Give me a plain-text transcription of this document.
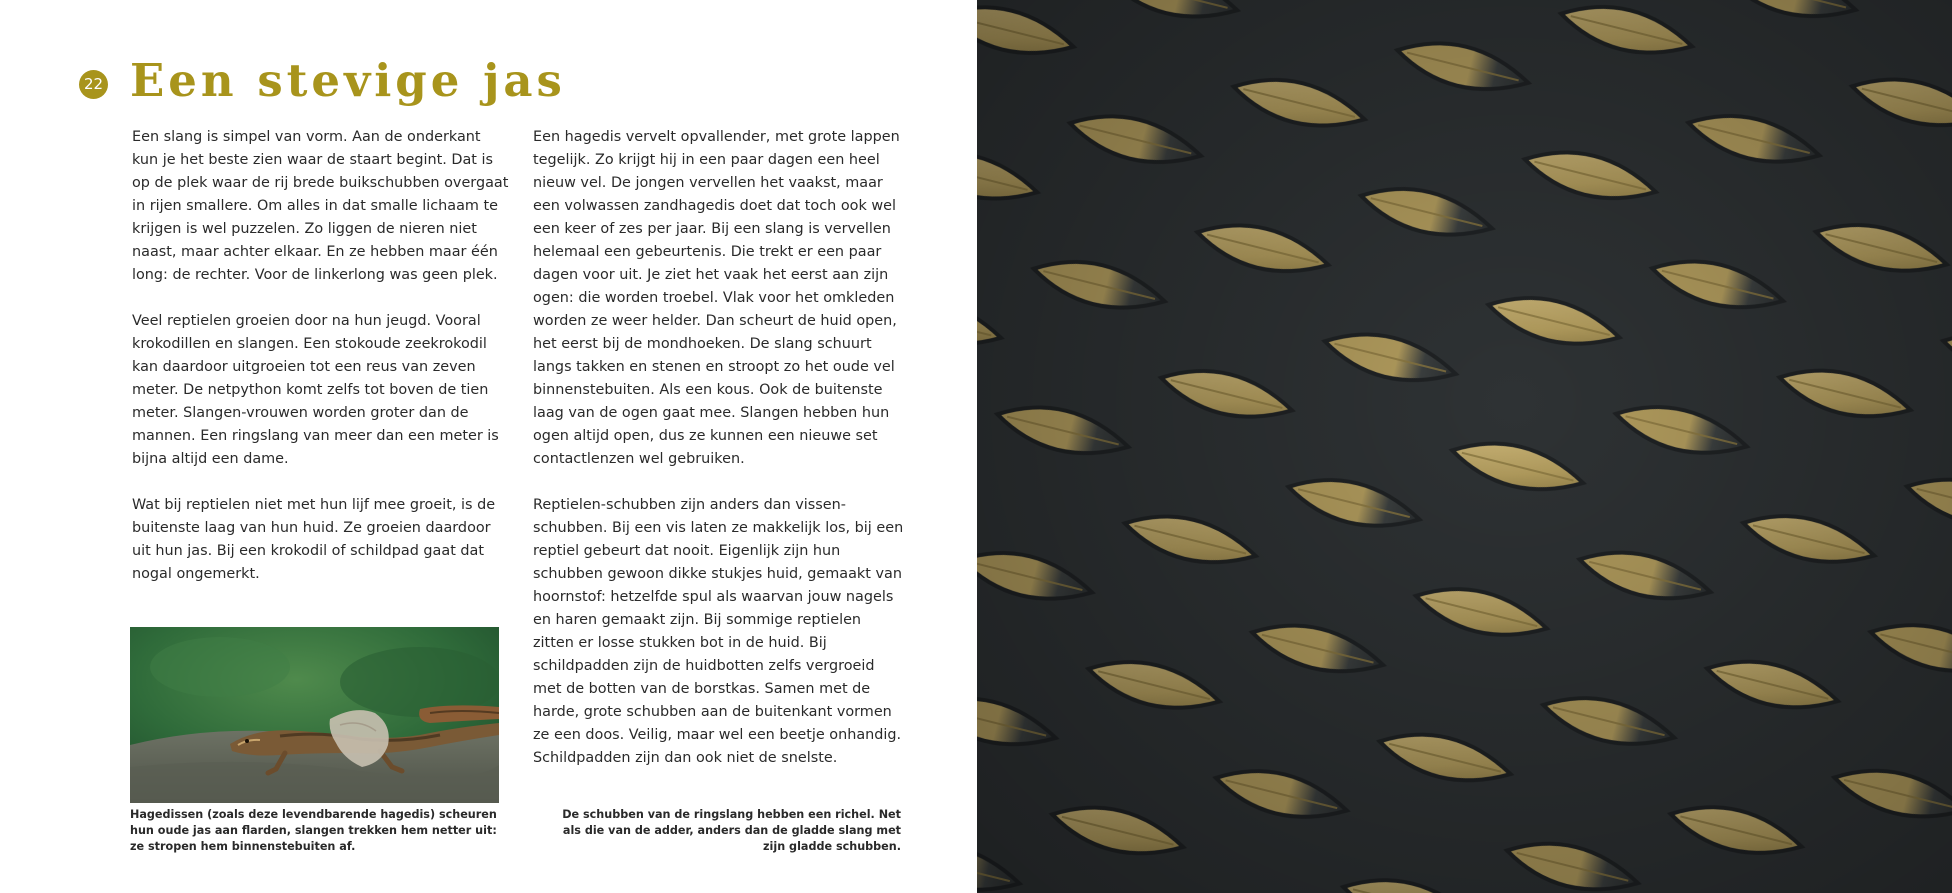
22 Een stevige jas

Een slang is simpel van vorm. Aan de onderkant kun je het beste zien waar de staart begint. Dat is op de plek waar de rij brede buikschubben overgaat in rijen smallere. Om alles in dat smalle lichaam te krijgen is wel puzzelen. Zo liggen de nieren niet naast, maar achter elkaar. En ze hebben maar één long: de rechter. Voor de linkerlong was geen plek.

Veel reptielen groeien door na hun jeugd. Vooral krokodillen en slangen. Een stokoude zeekrokodil kan daardoor uitgroeien tot een reus van zeven meter. De netpython komt zelfs tot boven de tien meter. Slangen-vrouwen worden groter dan de mannen. Een ringslang van meer dan een meter is bijna altijd een dame.

Wat bij reptielen niet met hun lijf mee groeit, is de buitenste laag van hun huid. Ze groeien daardoor uit hun jas. Bij een krokodil of schildpad gaat dat nogal ongemerkt.

Een hagedis vervelt opvallender, met grote lappen tegelijk. Zo krijgt hij in een paar dagen een heel nieuw vel. De jongen vervellen het vaakst, maar een volwassen zandhagedis doet dat toch ook wel een keer of zes per jaar. Bij een slang is vervellen helemaal een gebeurtenis. Die trekt er een paar dagen voor uit. Je ziet het vaak het eerst aan zijn ogen: die worden troebel. Vlak voor het omkleden worden ze weer helder. Dan scheurt de huid open, het eerst bij de mondhoeken. De slang schuurt langs takken en stenen en stroopt zo het oude vel binnenstebuiten. Als een kous. Ook de buitenste laag van de ogen gaat mee. Slangen hebben hun ogen altijd open, dus ze kunnen een nieuwe set contactlenzen wel gebruiken.

Reptielen-schubben zijn anders dan vissen-schubben. Bij een vis laten ze makkelijk los, bij een reptiel gebeurt dat nooit. Eigenlijk zijn hun schubben gewoon dikke stukjes huid, gemaakt van hoornstof: hetzelfde spul als waarvan jouw nagels en haren gemaakt zijn. Bij sommige reptielen zitten er losse stukken bot in de huid. Bij schildpadden zijn de huidbotten zelfs vergroeid met de botten van de borstkas. Samen met de harde, grote schubben aan de buitenkant vormen ze een doos. Veilig, maar wel een beetje onhandig. Schildpadden zijn dan ook niet de snelste.

Hagedissen (zoals deze levendbarende hagedis) scheuren hun oude jas aan flarden, slangen trekken hem netter uit: ze stropen hem binnenstebuiten af.
De schubben van de ringslang hebben een richel. Net als die van de adder, anders dan de gladde slang met zijn gladde schubben.
